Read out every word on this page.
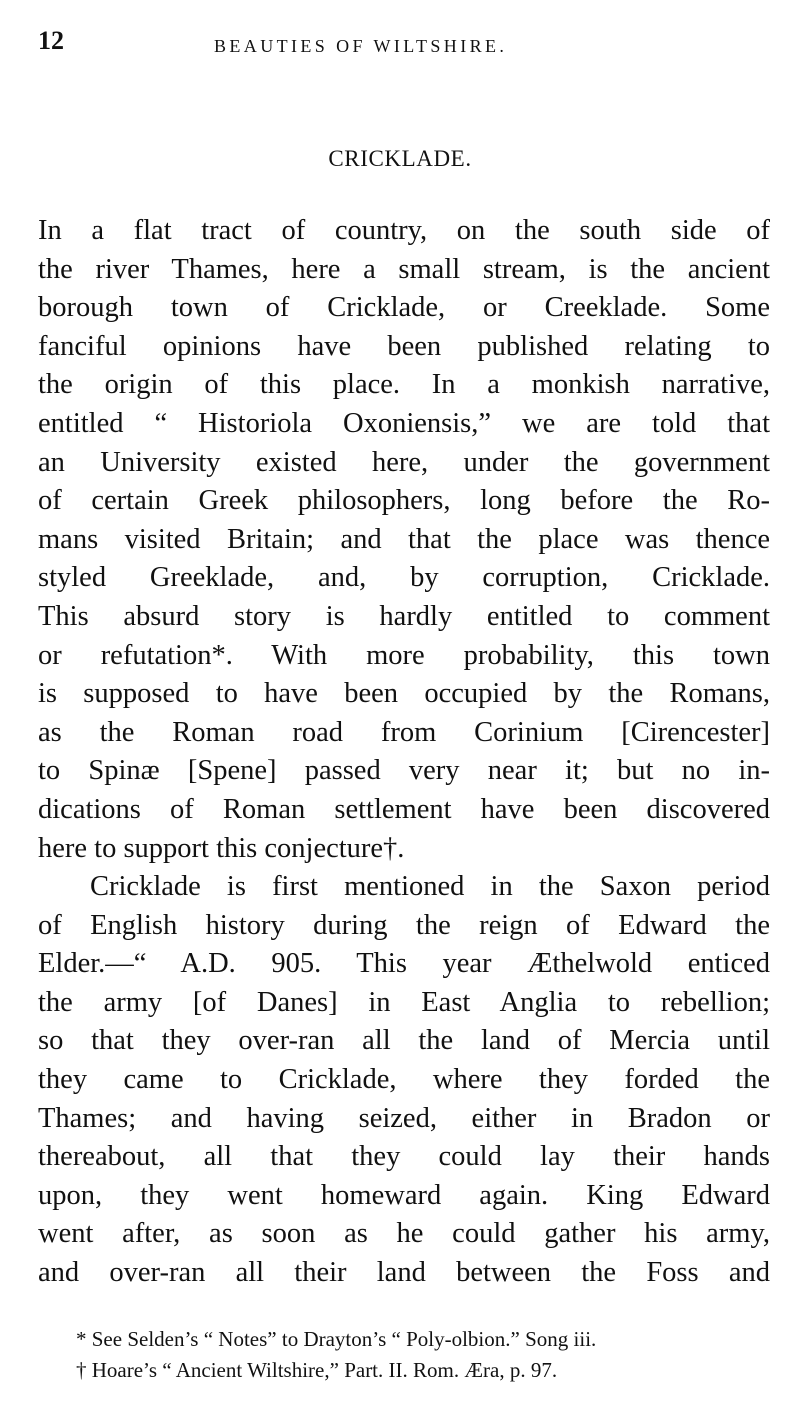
12	BEAUTIES OF WILTSHIRE.
CRICKLADE.
In a flat tract of country, on the south side of
the river Thames, here a small stream, is the ancient
borough town of Cricklade, or Creeklade. Some
fanciful opinions have been published relating to
the origin of this place. In a monkish narrative,
entitled “ Historiola Oxoniensis,” we are told that
an University existed here, under the government
of certain Greek philosophers, long before the Ro-
mans visited Britain; and that the place was thence
styled Greeklade, and, by corruption, Cricklade.
This absurd story is hardly entitled to comment
or refutation*. With more probability, this town
is supposed to have been occupied by the Romans,
as the Roman road from Corinium [Cirencester]
to Spinæ [Spene] passed very near it; but no in-
dications of Roman settlement have been discovered
here to support this conjecture†.
Cricklade is first mentioned in the Saxon period
of English history during the reign of Edward the
Elder.—“ A.D. 905. This year Æthelwold enticed
the army [of Danes] in East Anglia to rebellion;
so that they over-ran all the land of Mercia until
they came to Cricklade, where they forded the
Thames; and having seized, either in Bradon or
thereabout, all that they could lay their hands
upon, they went homeward again. King Edward
went after, as soon as he could gather his army,
and over-ran all their land between the Foss and
* See Selden’s “ Notes” to Drayton’s “ Poly-olbion.” Song iii.
† Hoare’s “ Ancient Wiltshire,” Part. II. Rom. Æra, p. 97.
